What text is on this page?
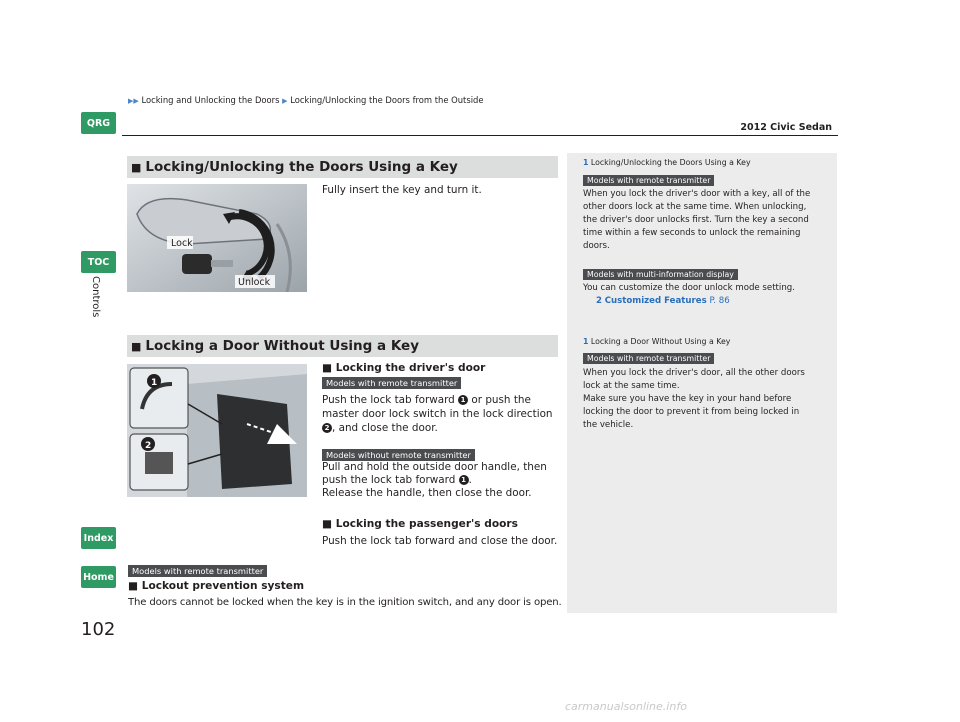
▶▶ Locking and Unlocking the Doors ▶ Locking/Unlocking the Doors from the Outside
2012 Civic Sedan
QRG
TOC
Controls
Index
Home
■ Locking/Unlocking the Doors Using a Key
Fully insert the key and turn it.
Lock
Unlock
■ Locking a Door Without Using a Key
1
2
■ Locking the driver's door
Models with remote transmitter
Push the lock tab forward 1 or push the
master door lock switch in the lock direction
2 , and close the door.
Models without remote transmitter
Pull and hold the outside door handle, then
push the lock tab forward 1 .
Release the handle, then close the door.
■ Locking the passenger's doors
Push the lock tab forward and close the door.
Models with remote transmitter
■ Lockout prevention system
The doors cannot be locked when the key is in the ignition switch, and any door is open.
1 Locking/Unlocking the Doors Using a Key
Models with remote transmitter
When you lock the driver's door with a key, all of the
other doors lock at the same time. When unlocking,
the driver's door unlocks first. Turn the key a second
time within a few seconds to unlock the remaining
doors.
Models with multi-information display
You can customize the door unlock mode setting.
2 Customized Features P. 86
1 Locking a Door Without Using a Key
Models with remote transmitter
When you lock the driver's door, all the other doors
lock at the same time.
Make sure you have the key in your hand before
locking the door to prevent it from being locked in
the vehicle.
102
carmanualsonline.info
